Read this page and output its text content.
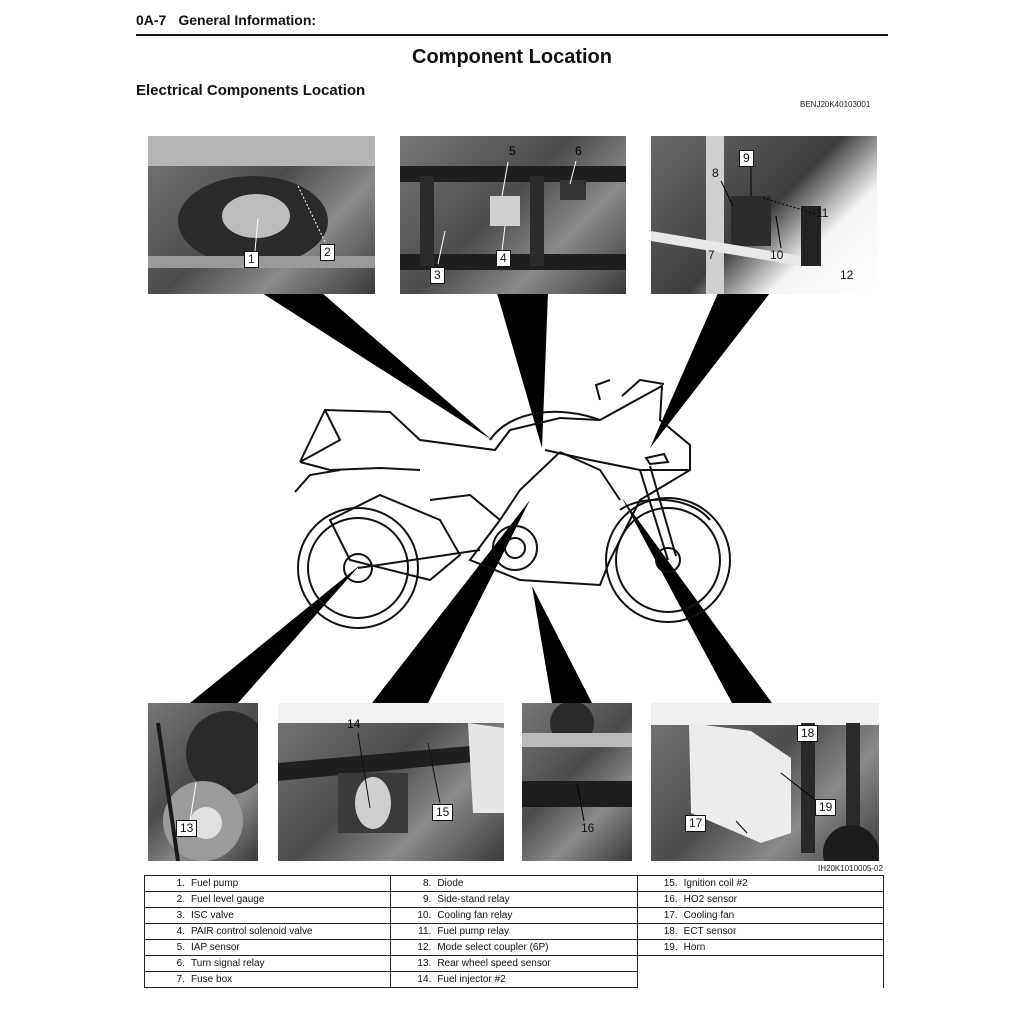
0A-7 General Information:
Component Location
Electrical Components Location
BENJ20K40103001
1	2
5	6
3
4
9
8
11
7	10
12
13
14
15
16
18
19
17
IH20K1010005-02
1. Fuel pump	8. Diode	15. Ignition coil #2
2. Fuel level gauge	9. Side-stand relay	16. HO2 sensor
3. ISC valve	10. Cooling fan relay	17. Cooling fan
4. PAIR control solenoid valve	11. Fuel pump relay	18. ECT sensor
5. IAP sensor	12. Mode select coupler (6P)	19. Horn
6. Turn signal relay	13. Rear wheel speed sensor	
7. Fuse box	14. Fuel injector #2	
